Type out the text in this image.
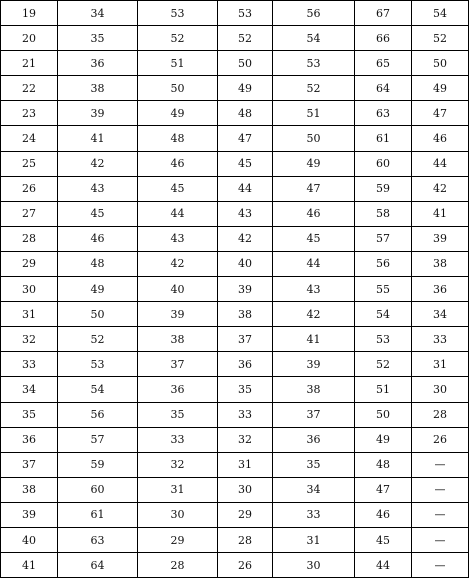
19	34	53	53	56	67	54
20	35	52	52	54	66	52
21	36	51	50	53	65	50
22	38	50	49	52	64	49
23	39	49	48	51	63	47
24	41	48	47	50	61	46
25	42	46	45	49	60	44
26	43	45	44	47	59	42
27	45	44	43	46	58	41
28	46	43	42	45	57	39
29	48	42	40	44	56	38
30	49	40	39	43	55	36
31	50	39	38	42	54	34
32	52	38	37	41	53	33
33	53	37	36	39	52	31
34	54	36	35	38	51	30
35	56	35	33	37	50	28
36	57	33	32	36	49	26
37	59	32	31	35	48	—
38	60	31	30	34	47	—
39	61	30	29	33	46	—
40	63	29	28	31	45	—
41	64	28	26	30	44	—
